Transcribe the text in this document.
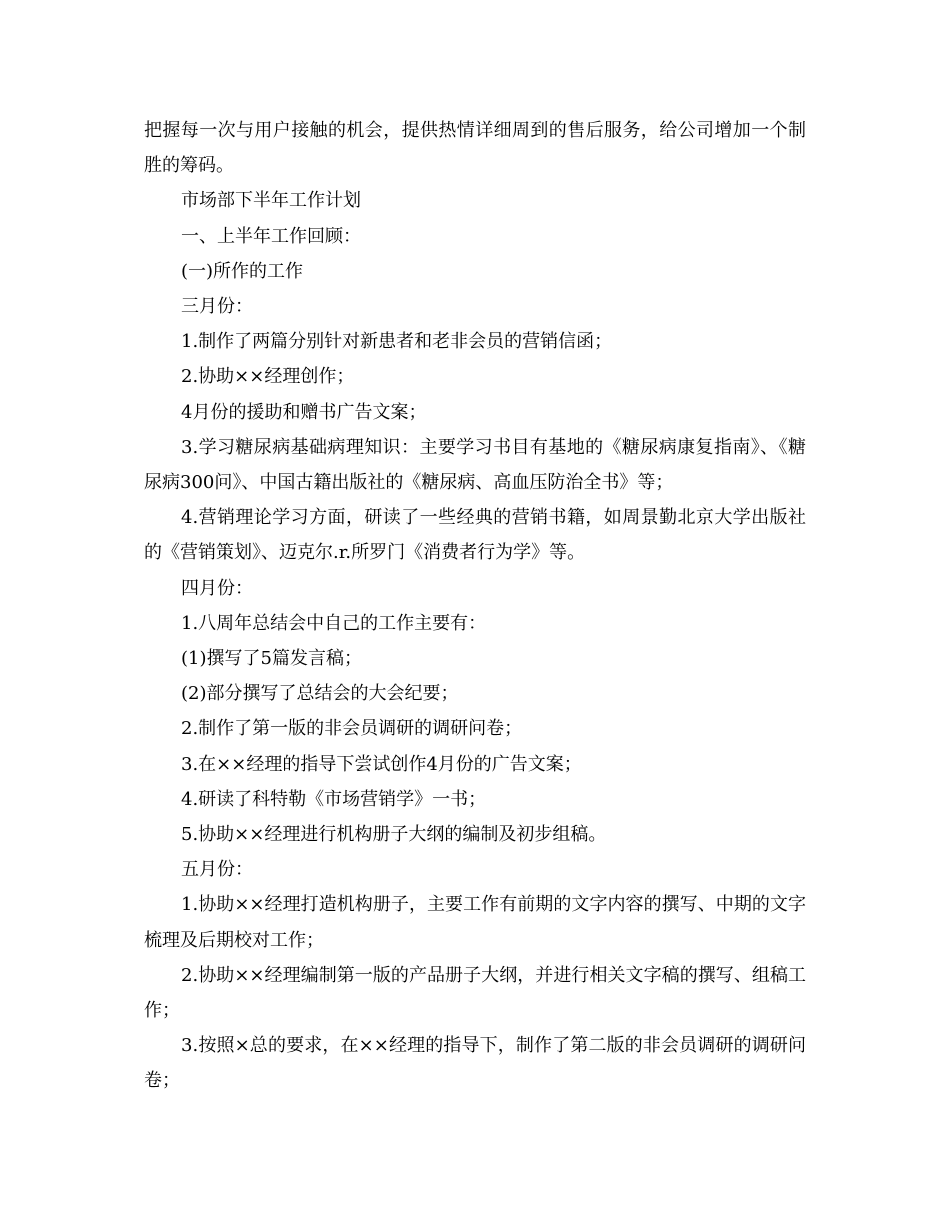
把握每一次与用户接触的机会，提供热情详细周到的售后服务，给公司增加一个制胜的筹码。

市场部下半年工作计划

一、上半年工作回顾：

(一)所作的工作

三月份：

1.制作了两篇分别针对新患者和老非会员的营销信函；

2.协助××经理创作；

4月份的援助和赠书广告文案；

3.学习糖尿病基础病理知识：主要学习书目有基地的《糖尿病康复指南》、《糖尿病300问》、中国古籍出版社的《糖尿病、高血压防治全书》等；

4.营销理论学习方面，研读了一些经典的营销书籍，如周景勤北京大学出版社的《营销策划》、迈克尔.r.所罗门《消费者行为学》等。

四月份：

1.八周年总结会中自己的工作主要有：

(1)撰写了5篇发言稿；

(2)部分撰写了总结会的大会纪要；

2.制作了第一版的非会员调研的调研问卷；

3.在××经理的指导下尝试创作4月份的广告文案；

4.研读了科特勒《市场营销学》一书；

5.协助××经理进行机构册子大纲的编制及初步组稿。

五月份：

1.协助××经理打造机构册子，主要工作有前期的文字内容的撰写、中期的文字梳理及后期校对工作；

2.协助××经理编制第一版的产品册子大纲，并进行相关文字稿的撰写、组稿工作；

3.按照×总的要求，在××经理的指导下，制作了第二版的非会员调研的调研问卷；
